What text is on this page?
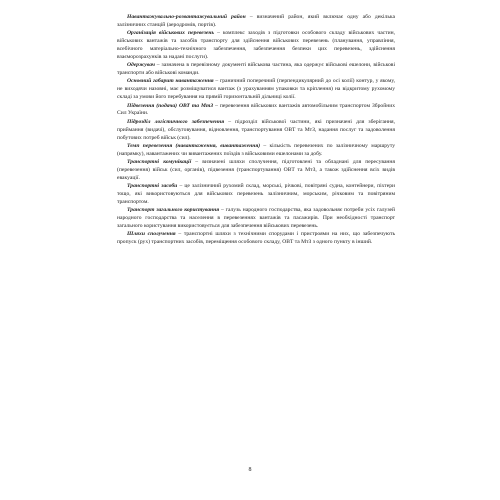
Навантажувально-розвантажувальний район – визначений район, який включає одну або декілька залізничних станцій (аеродромів, портів).

Організація військових перевезень – комплекс заходів з підготовки особового складу військових частин, військових вантажів та засобів транспорту для здійснення військових перевезень (планування, управління, всебічного матеріально-технічного забезпечення, забезпечення безпеки цих перевезень, здійснення взаєморозрахунків за надані послуги).

Одержувач – зазначена в перевізному документі військова частина, яка одержує військові ешелони, військові транспорти або військові команди.

Основний габарит навантаження – граничний поперечний (перпендикулярний до осі колії) контур, у якому, не виходячи назовні, має розміщуватися вантаж (з урахуванням упаковки та кріплення) на відкритому рухомому складі за умови його перебування на прямій горизонтальній дільниці колії.

Підвезення (подача) ОВТ та МтЗ – перевезення військових вантажів автомобільним транспортом Збройних Сил України.

Підрозділ логістичного забезпечення – підрозділ військової частини, які призначені для зберігання, приймання (видачі), обслуговування, відновлення, транспортування ОВТ та МтЗ, надання послуг та задоволення побутових потреб військ (сил).

Темп перевезення (навантаження, вивантаження) – кількість перевезених по залізничному маршруту (напрямку), навантажених чи вивантажених поїздів з військовими ешелонами за добу.

Транспортні комунікації – визначені шляхи сполучення, підготовлені та обладнані для пересування (перевезення) військ (сил, органів), підвезення (транспортування) ОВТ та МтЗ, а також здійснення всіх видів евакуації.

Транспортні засоби – це залізничний рухомий склад, морські, річкові, повітряні судна, контейнери, піхтери тощо, які використовуються для військових перевезень залізничним, морським, річковим та повітряним транспортом.

Транспорт загального користування – галузь народного господарства, яка задовольняє потреби усіх галузей народного господарства та населення в перевезеннях вантажів та пасажирів. При необхідності транспорт загального користування використовується для забезпечення військових перевезень.

Шляхи сполучення – транспортні шляхи з технічними спорудами і пристроями на них, що забезпечують пропуск (рух) транспортних засобів, переміщення особового складу, ОВТ та МтЗ з одного пункту в інший.

8
